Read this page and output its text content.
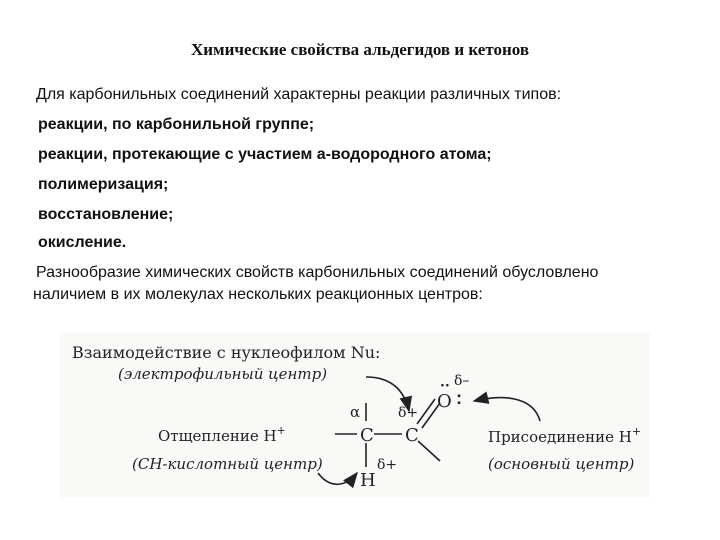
Химические свойства альдегидов и кетонов
Для карбонильных соединений характерны реакции различных типов:
реакции, по карбонильной группе;
реакции, протекающие с участием а-водородного атома;
полимеризация;
восстановление;
окисление.
Разнообразие химических свойств карбонильных соединений обусловлено
наличием в их молекулах нескольких реакционных центров:
Взаимодействие с нуклеофилом Nu:
(электрофильный центр)
Отщепление H+
(СН-кислотный центр)
Присоединение H+
(основный центр)
C C
O
H
··
:
α	δ+
δ–
δ+
